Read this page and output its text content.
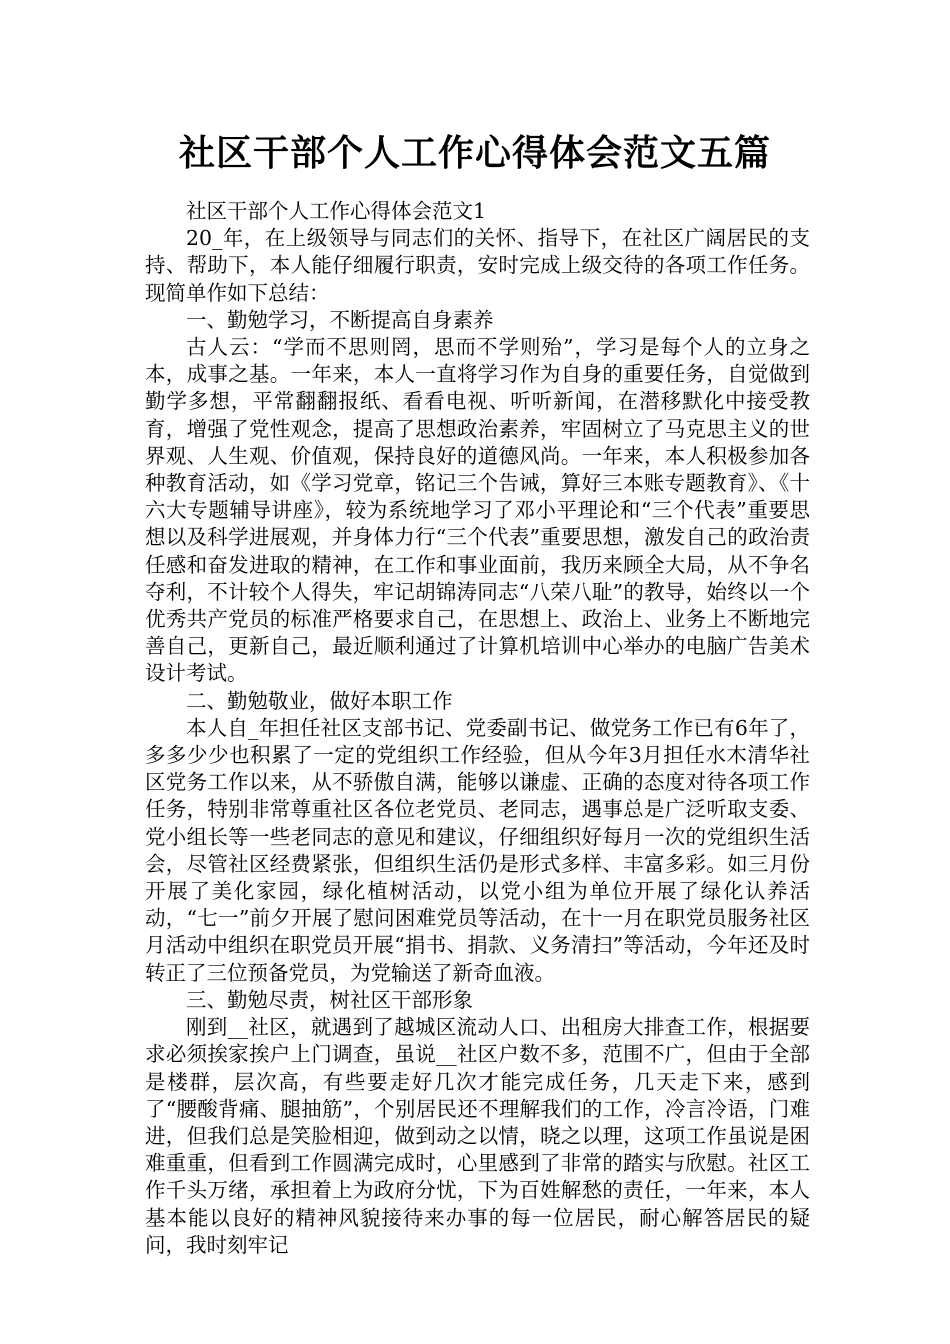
社区干部个人工作心得体会范文五篇

社区干部个人工作心得体会范文1

20_年，在上级领导与同志们的关怀、指导下，在社区广阔居民的支持、帮助下，本人能仔细履行职责，安时完成上级交待的各项工作任务。现简单作如下总结：

一、勤勉学习，不断提高自身素养

古人云：“学而不思则罔，思而不学则殆”，学习是每个人的立身之本，成事之基。一年来，本人一直将学习作为自身的重要任务，自觉做到勤学多想，平常翻翻报纸、看看电视、听听新闻，在潜移默化中接受教育，增强了党性观念，提高了思想政治素养，牢固树立了马克思主义的世界观、人生观、价值观，保持良好的道德风尚。一年来，本人积极参加各种教育活动，如《学习党章，铭记三个告诫，算好三本账专题教育》、《十六大专题辅导讲座》，较为系统地学习了邓小平理论和“三个代表”重要思想以及科学进展观，并身体力行“三个代表”重要思想，激发自己的政治责任感和奋发进取的精神，在工作和事业面前，我历来顾全大局，从不争名夺利，不计较个人得失，牢记胡锦涛同志“八荣八耻”的教导，始终以一个优秀共产党员的标准严格要求自己，在思想上、政治上、业务上不断地完善自己，更新自己，最近顺利通过了计算机培训中心举办的电脑广告美术设计考试。

二、勤勉敬业，做好本职工作

本人自_年担任社区支部书记、党委副书记、做党务工作已有6年了，多多少少也积累了一定的党组织工作经验，但从今年3月担任水木清华社区党务工作以来，从不骄傲自满，能够以谦虚、正确的态度对待各项工作任务，特别非常尊重社区各位老党员、老同志，遇事总是广泛听取支委、党小组长等一些老同志的意见和建议，仔细组织好每月一次的党组织生活会，尽管社区经费紧张，但组织生活仍是形式多样、丰富多彩。如三月份开展了美化家园，绿化植树活动，以党小组为单位开展了绿化认养活动，“七一”前夕开展了慰问困难党员等活动，在十一月在职党员服务社区月活动中组织在职党员开展“捐书、捐款、义务清扫”等活动，今年还及时转正了三位预备党员，为党输送了新奇血液。

三、勤勉尽责，树社区干部形象

刚到__社区，就遇到了越城区流动人口、出租房大排查工作，根据要求必须挨家挨户上门调查，虽说__社区户数不多，范围不广，但由于全部是楼群，层次高，有些要走好几次才能完成任务，几天走下来，感到了“腰酸背痛、腿抽筋”，个别居民还不理解我们的工作，冷言冷语，门难进，但我们总是笑脸相迎，做到动之以情，晓之以理，这项工作虽说是困难重重，但看到工作圆满完成时，心里感到了非常的踏实与欣慰。社区工作千头万绪，承担着上为政府分忧，下为百姓解愁的责任，一年来，本人基本能以良好的精神风貌接待来办事的每一位居民，耐心解答居民的疑问，我时刻牢记
